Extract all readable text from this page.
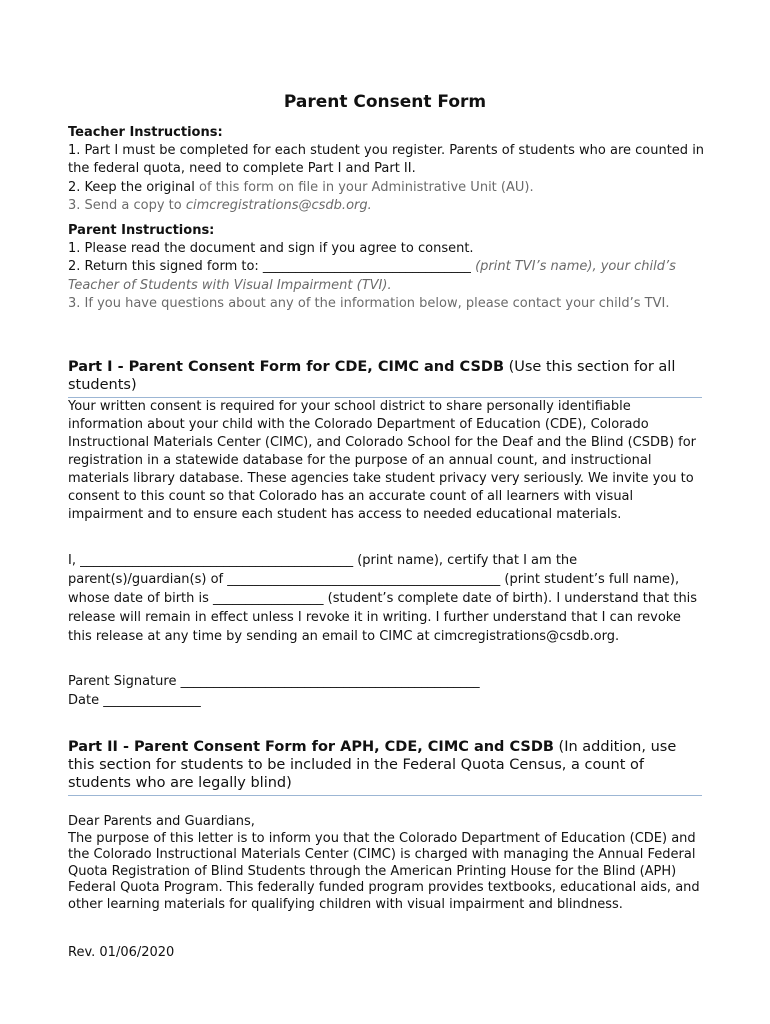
Parent Consent Form

Teacher Instructions:

1. Part I must be completed for each student you register. Parents of students who are counted in the federal quota, need to complete Part I and Part II.

2. Keep the original of this form on file in your Administrative Unit (AU).

3. Send a copy to cimcregistrations@csdb.org.

Parent Instructions:

1. Please read the document and sign if you agree to consent.

2. Return this signed form to: ________________________________ (print TVI’s name), your child’s Teacher of Students with Visual Impairment (TVI).

3. If you have questions about any of the information below, please contact your child’s TVI.

Part I - Parent Consent Form for CDE, CIMC and CSDB (Use this section for all students)

Your written consent is required for your school district to share personally identifiable information about your child with the Colorado Department of Education (CDE), Colorado Instructional Materials Center (CIMC), and Colorado School for the Deaf and the Blind (CSDB) for registration in a statewide database for the purpose of an annual count, and instructional materials library database. These agencies take student privacy very seriously. We invite you to consent to this count so that Colorado has an accurate count of all learners with visual impairment and to ensure each student has access to needed educational materials.

I, __________________________________________ (print name), certify that I am the parent(s)/guardian(s) of __________________________________________ (print student’s full name), whose date of birth is _________________ (student’s complete date of birth). I understand that this release will remain in effect unless I revoke it in writing. I further understand that I can revoke this release at any time by sending an email to CIMC at cimcregistrations@csdb.org.

Parent Signature ______________________________________________

Date _______________

Part II - Parent Consent Form for APH, CDE, CIMC and CSDB (In addition, use this section for students to be included in the Federal Quota Census, a count of students who are legally blind)

Dear Parents and Guardians,

The purpose of this letter is to inform you that the Colorado Department of Education (CDE) and the Colorado Instructional Materials Center (CIMC) is charged with managing the Annual Federal Quota Registration of Blind Students through the American Printing House for the Blind (APH) Federal Quota Program. This federally funded program provides textbooks, educational aids, and other learning materials for qualifying children with visual impairment and blindness.

Rev. 01/06/2020
